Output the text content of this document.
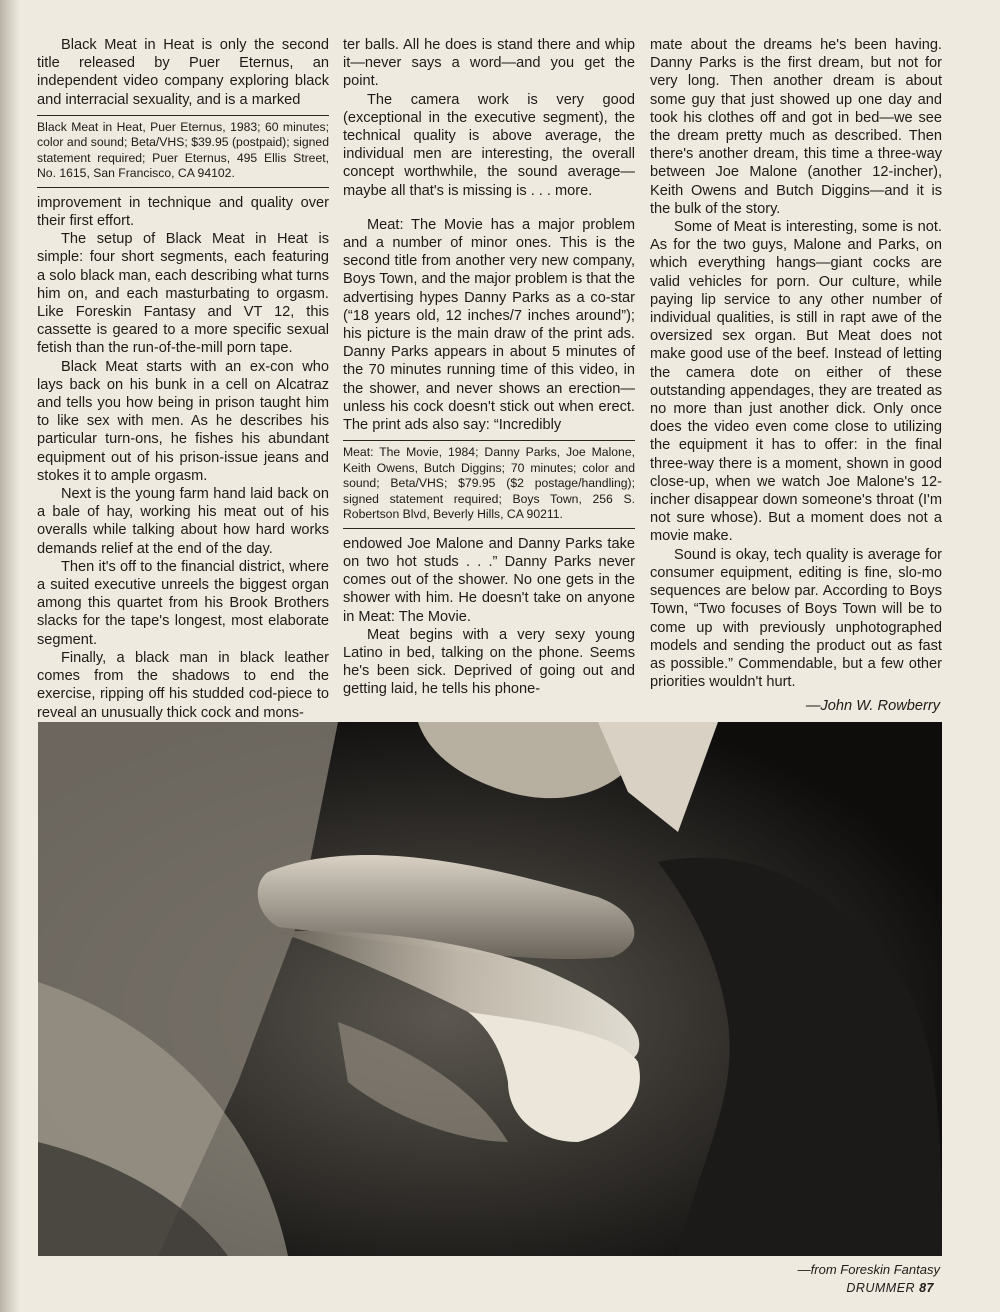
Black Meat in Heat is only the second title released by Puer Eternus, an independent video company exploring black and interracial sexuality, and is a marked

Black Meat in Heat, Puer Eternus, 1983; 60 minutes; color and sound; Beta/VHS; $39.95 (postpaid); signed statement required; Puer Eternus, 495 Ellis Street, No. 1615, San Francisco, CA 94102.

improvement in technique and quality over their first effort.

The setup of Black Meat in Heat is simple: four short segments, each featuring a solo black man, each describing what turns him on, and each masturbating to orgasm. Like Foreskin Fantasy and VT 12, this cassette is geared to a more specific sexual fetish than the run-of-the-mill porn tape.

Black Meat starts with an ex-con who lays back on his bunk in a cell on Alcatraz and tells you how being in prison taught him to like sex with men. As he describes his particular turn-ons, he fishes his abundant equipment out of his prison-issue jeans and stokes it to ample orgasm.

Next is the young farm hand laid back on a bale of hay, working his meat out of his overalls while talking about how hard works demands relief at the end of the day.

Then it's off to the financial district, where a suited executive unreels the biggest organ among this quartet from his Brook Brothers slacks for the tape's longest, most elaborate segment.

Finally, a black man in black leather comes from the shadows to end the exercise, ripping off his studded cod-piece to reveal an unusually thick cock and mons-

ter balls. All he does is stand there and whip it—never says a word—and you get the point.

The camera work is very good (exceptional in the executive segment), the technical quality is above average, the individual men are interesting, the overall concept worthwhile, the sound average—maybe all that's is missing is . . . more.

Meat: The Movie has a major problem and a number of minor ones. This is the second title from another very new company, Boys Town, and the major problem is that the advertising hypes Danny Parks as a co-star (“18 years old, 12 inches/7 inches around”); his picture is the main draw of the print ads. Danny Parks appears in about 5 minutes of the 70 minutes running time of this video, in the shower, and never shows an erection—unless his cock doesn't stick out when erect. The print ads also say: “Incredibly

Meat: The Movie, 1984; Danny Parks, Joe Malone, Keith Owens, Butch Diggins; 70 minutes; color and sound; Beta/VHS; $79.95 ($2 postage/handling); signed statement required; Boys Town, 256 S. Robertson Blvd, Beverly Hills, CA 90211.

endowed Joe Malone and Danny Parks take on two hot studs . . .” Danny Parks never comes out of the shower. No one gets in the shower with him. He doesn't take on anyone in Meat: The Movie.

Meat begins with a very sexy young Latino in bed, talking on the phone. Seems he's been sick. Deprived of going out and getting laid, he tells his phone-

mate about the dreams he's been having. Danny Parks is the first dream, but not for very long. Then another dream is about some guy that just showed up one day and took his clothes off and got in bed—we see the dream pretty much as described. Then there's another dream, this time a three-way between Joe Malone (another 12-incher), Keith Owens and Butch Diggins—and it is the bulk of the story.

Some of Meat is interesting, some is not. As for the two guys, Malone and Parks, on which everything hangs—giant cocks are valid vehicles for porn. Our culture, while paying lip service to any other number of individual qualities, is still in rapt awe of the oversized sex organ. But Meat does not make good use of the beef. Instead of letting the camera dote on either of these outstanding appendages, they are treated as no more than just another dick. Only once does the video even come close to utilizing the equipment it has to offer: in the final three-way there is a moment, shown in good close-up, when we watch Joe Malone's 12-incher disappear down someone's throat (I'm not sure whose). But a moment does not a movie make.

Sound is okay, tech quality is average for consumer equipment, editing is fine, slo-mo sequences are below par. According to Boys Town, “Two focuses of Boys Town will be to come up with previously unphotographed models and sending the product out as fast as possible.” Commendable, but a few other priorities wouldn't hurt.

—John W. Rowberry

—from Foreskin Fantasy
DRUMMER 87
